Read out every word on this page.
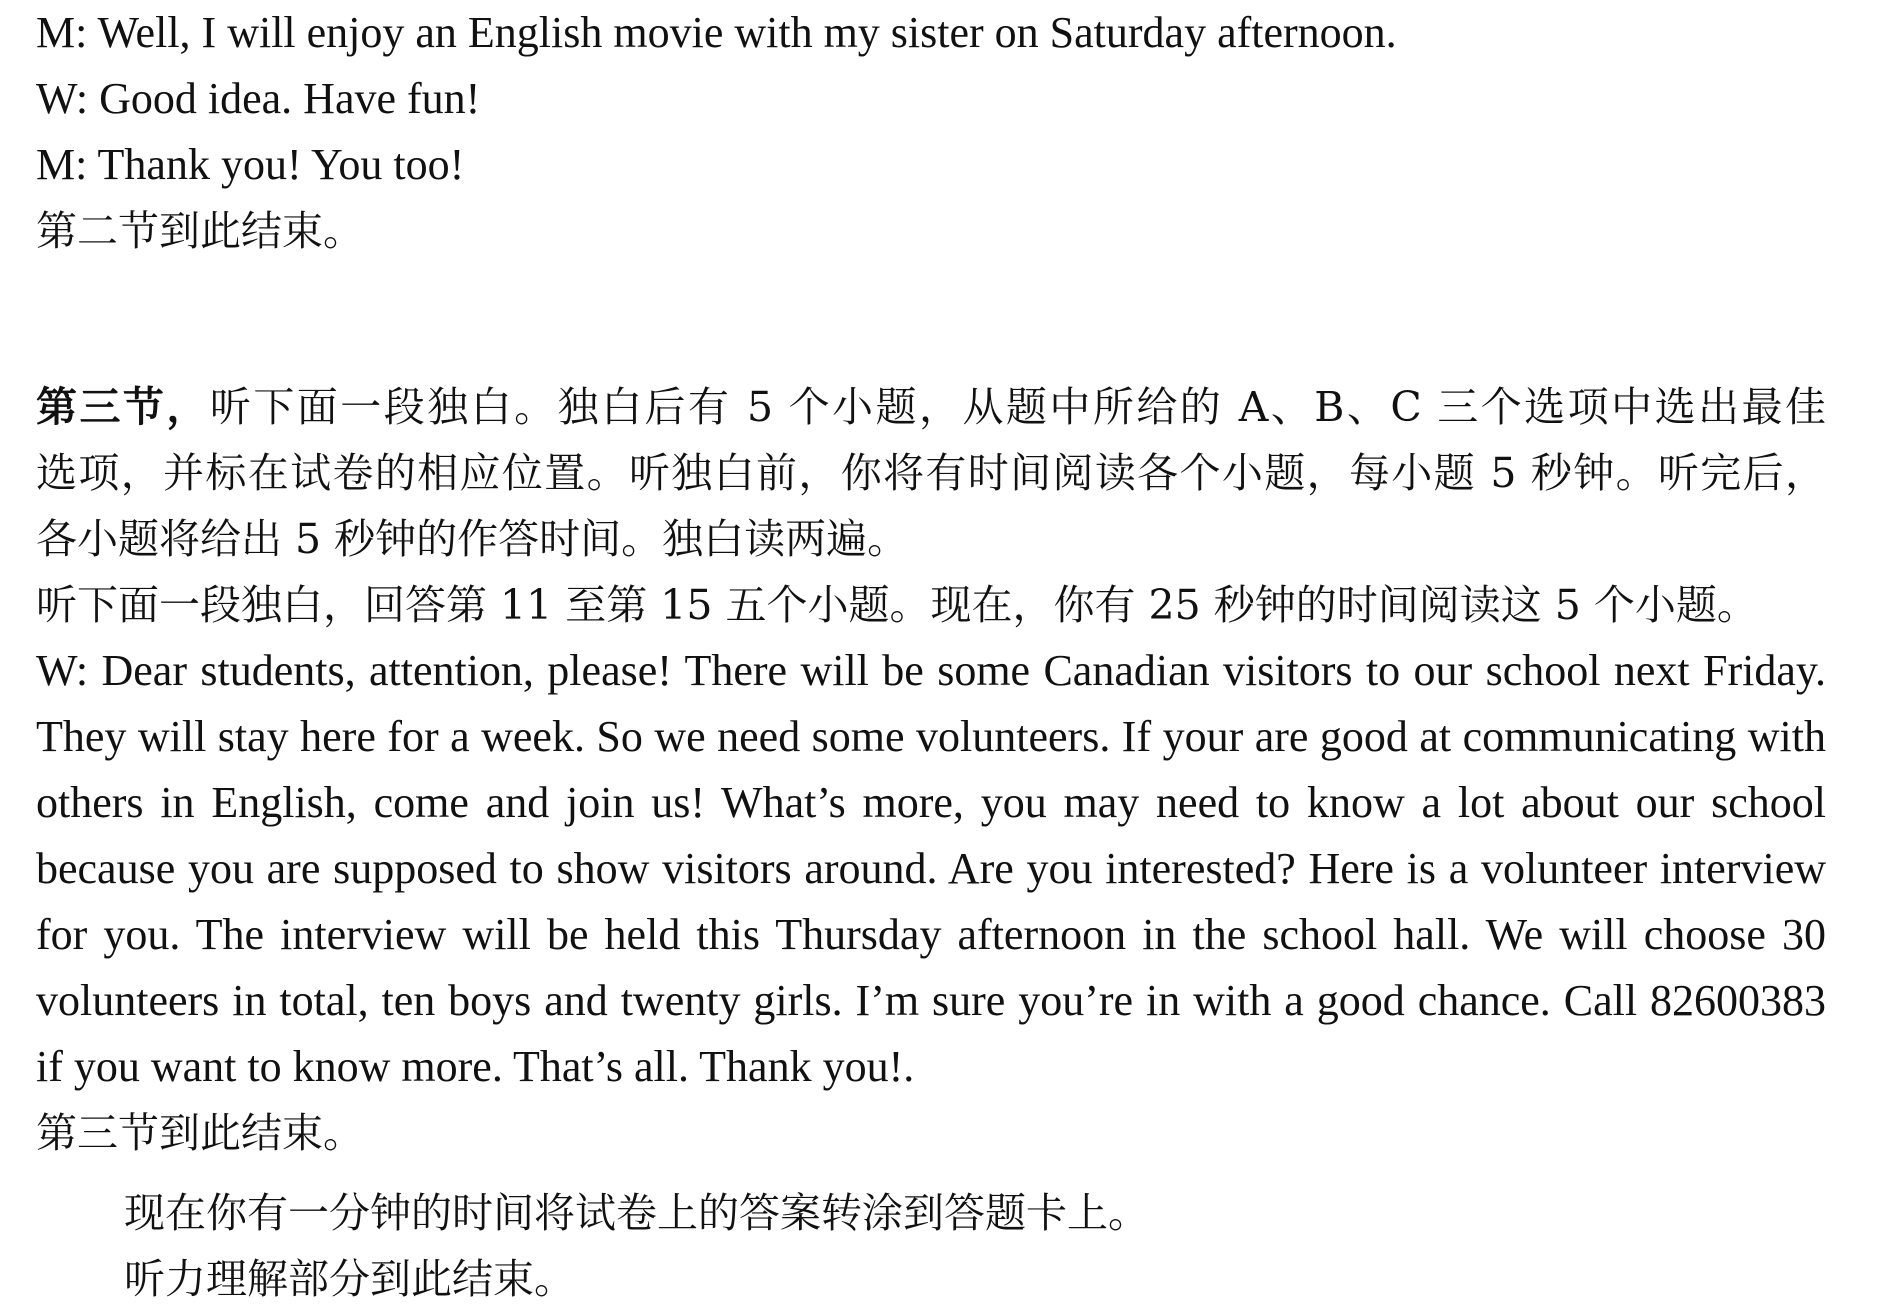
M: Well, I will enjoy an English movie with my sister on Saturday afternoon.
W: Good idea. Have fun!
M: Thank you! You too!
第二节到此结束。
第三节，听下面一段独白。独白后有 5 个小题，从题中所给的 A、B、C 三个选项中选出最佳
选项，并标在试卷的相应位置。听独白前，你将有时间阅读各个小题，每小题 5 秒钟。听完后，
各小题将给出 5 秒钟的作答时间。独白读两遍。
听下面一段独白，回答第 11 至第 15 五个小题。现在，你有 25 秒钟的时间阅读这 5 个小题。
W: Dear students, attention, please! There will be some Canadian visitors to our school next Friday.
They will stay here for a week. So we need some volunteers. If your are good at communicating with
others in English, come and join us! What’s more, you may need to know a lot about our school
because you are supposed to show visitors around. Are you interested? Here is a volunteer interview
for you. The interview will be held this Thursday afternoon in the school hall. We will choose 30
volunteers in total, ten boys and twenty girls. I’m sure you’re in with a good chance. Call 82600383
if you want to know more. That’s all. Thank you!.
第三节到此结束。
现在你有一分钟的时间将试卷上的答案转涂到答题卡上。
听力理解部分到此结束。
